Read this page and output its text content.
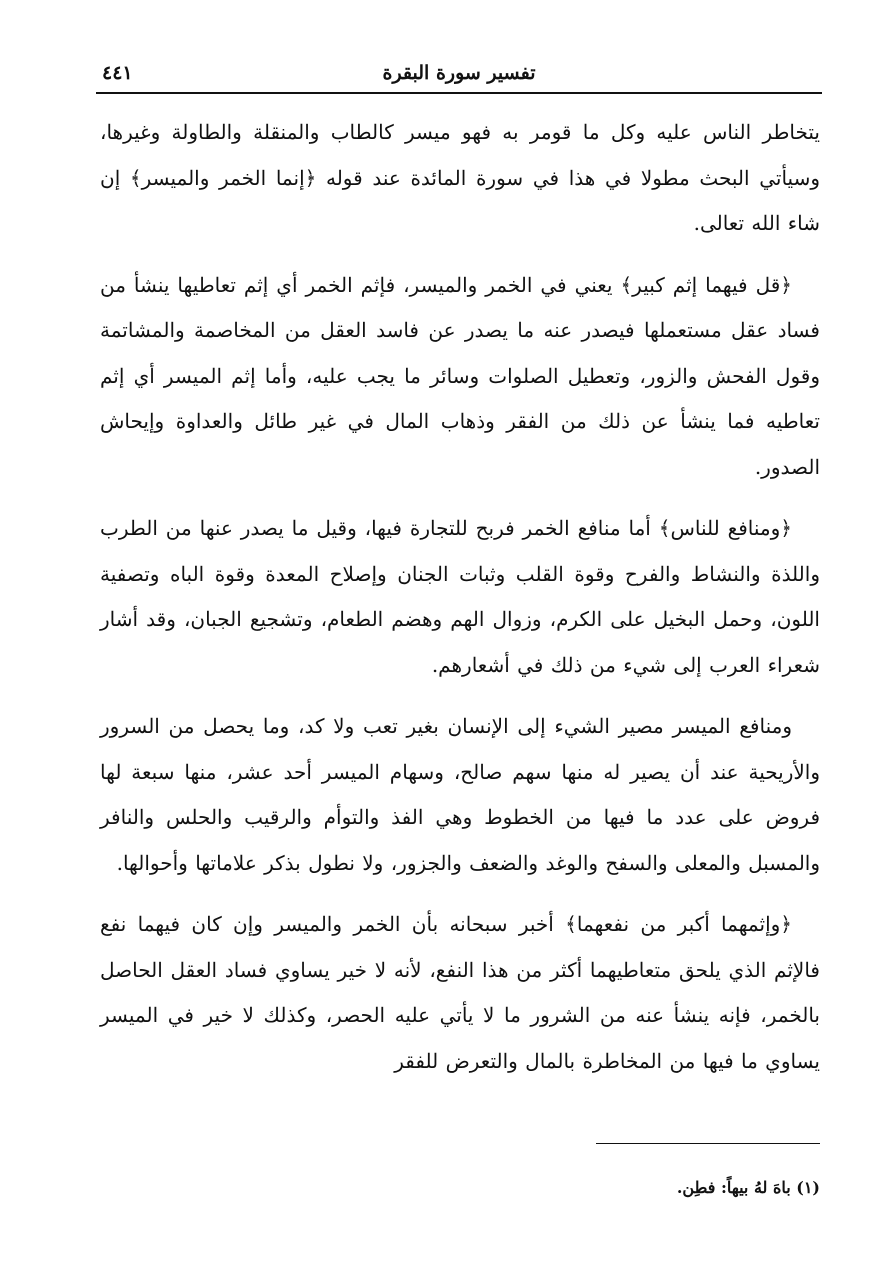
تفسير سورة البقرة
٤٤١

يتخاطر الناس عليه وكل ما قومر به فهو ميسر كالطاب والمنقلة والطاولة وغيرها، وسيأتي البحث مطولا في هذا في سورة المائدة عند قوله ﴿إنما الخمر والميسر﴾ إن شاء الله تعالى.

﴿قل فيهما إثم كبير﴾ يعني في الخمر والميسر، فإثم الخمر أي إثم تعاطيها ينشأ من فساد عقل مستعملها فيصدر عنه ما يصدر عن فاسد العقل من المخاصمة والمشاتمة وقول الفحش والزور، وتعطيل الصلوات وسائر ما يجب عليه، وأما إثم الميسر أي إثم تعاطيه فما ينشأ عن ذلك من الفقر وذهاب المال في غير طائل والعداوة وإيحاش الصدور.

﴿ومنافع للناس﴾ أما منافع الخمر فربح للتجارة فيها، وقيل ما يصدر عنها من الطرب واللذة والنشاط والفرح وقوة القلب وثبات الجنان وإصلاح المعدة وقوة الباه وتصفية اللون، وحمل البخيل على الكرم، وزوال الهم وهضم الطعام، وتشجيع الجبان، وقد أشار شعراء العرب إلى شيء من ذلك في أشعارهم.

ومنافع الميسر مصير الشيء إلى الإنسان بغير تعب ولا كد، وما يحصل من السرور والأريحية عند أن يصير له منها سهم صالح، وسهام الميسر أحد عشر، منها سبعة لها فروض على عدد ما فيها من الخطوط وهي الفذ والتوأم والرقيب والحلس والنافر والمسبل والمعلى والسفح والوغد والضعف والجزور، ولا نطول بذكر علاماتها وأحوالها.

﴿وإثمهما أكبر من نفعهما﴾ أخبر سبحانه بأن الخمر والميسر وإن كان فيهما نفع فالإثم الذي يلحق متعاطيهما أكثر من هذا النفع، لأنه لا خير يساوي فساد العقل الحاصل بالخمر، فإنه ينشأ عنه من الشرور ما لا يأتي عليه الحصر، وكذلك لا خير في الميسر يساوي ما فيها من المخاطرة بالمال والتعرض للفقر

(١) باهَ لهُ بيهاً: فطِن.
